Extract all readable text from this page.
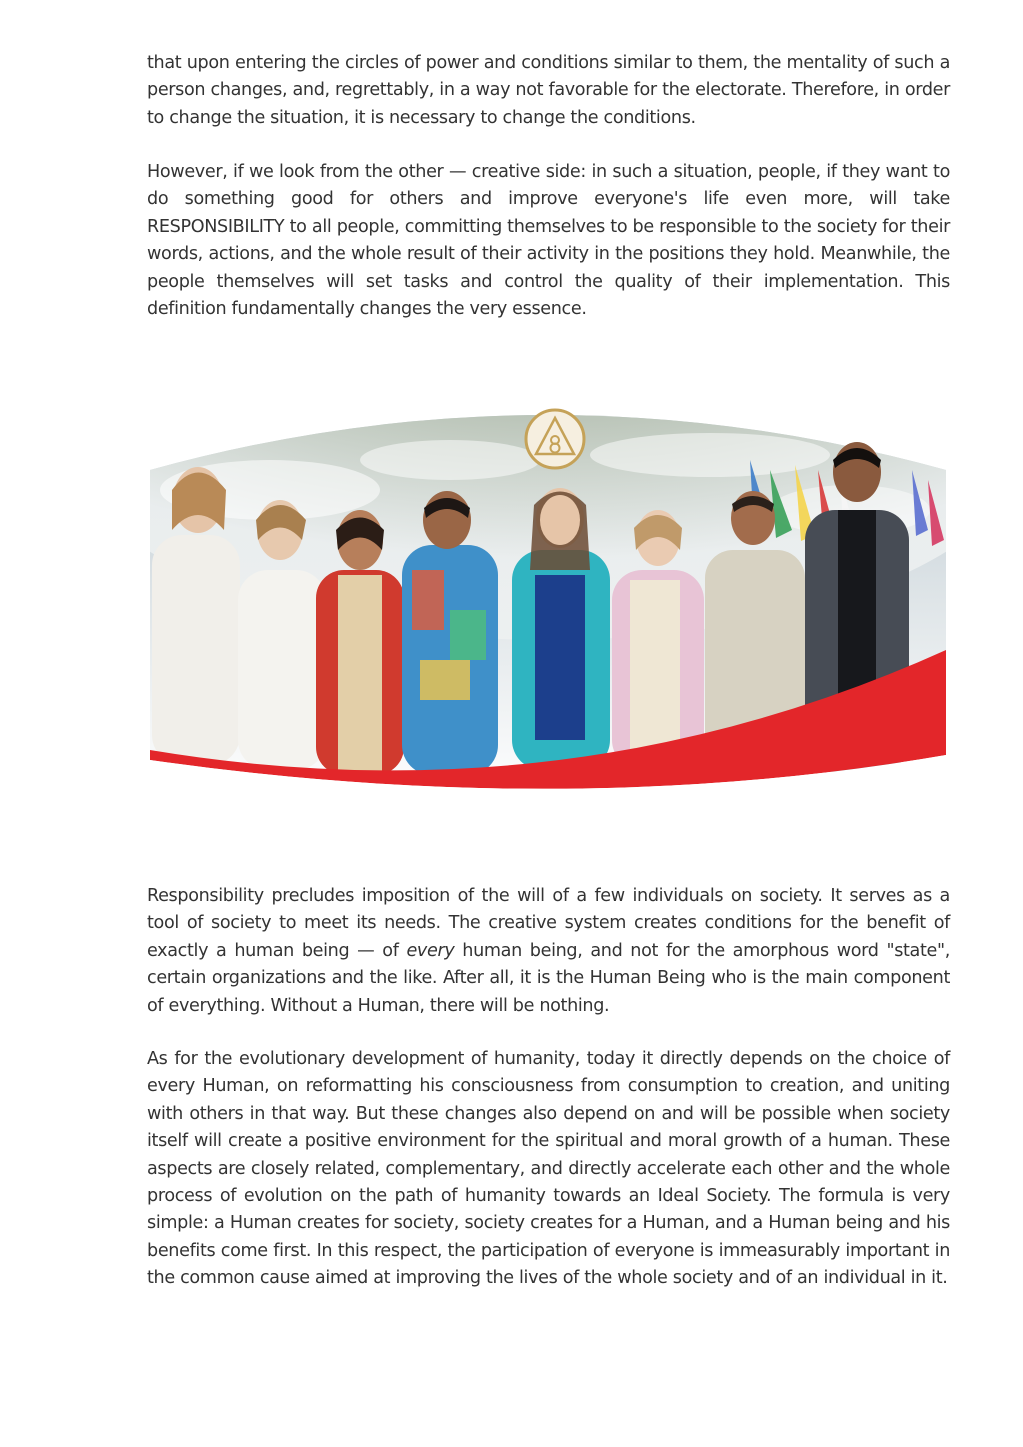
that upon entering the circles of power and conditions similar to them, the mentality of such a person changes, and, regrettably, in a way not favorable for the electorate. Therefore, in order to change the situation, it is necessary to change the conditions.

However, if we look from the other — creative side: in such a situation, people, if they want to do something good for others and improve everyone's life even more, will take RESPONSIBILITY to all people, committing themselves to be responsible to the society for their words, actions, and the whole result of their activity in the positions they hold. Meanwhile, the people themselves will set tasks and control the quality of their implementation. This definition fundamentally changes the very essence.

Responsibility precludes imposition of the will of a few individuals on society. It serves as a tool of society to meet its needs. The creative system creates conditions for the benefit of exactly a human being — of every human being, and not for the amorphous word "state", certain organizations and the like. After all, it is the Human Being who is the main component of everything. Without a Human, there will be nothing.

As for the evolutionary development of humanity, today it directly depends on the choice of every Human, on reformatting his consciousness from consumption to creation, and uniting with others in that way. But these changes also depend on and will be possible when society itself will create a positive environment for the spiritual and moral growth of a human. These aspects are closely related, complementary, and directly accelerate each other and the whole process of evolution on the path of humanity towards an Ideal Society. The formula is very simple: a Human creates for society, society creates for a Human, and a Human being and his benefits come first. In this respect, the participation of everyone is immeasurably important in the common cause aimed at improving the lives of the whole society and of an individual in it.
